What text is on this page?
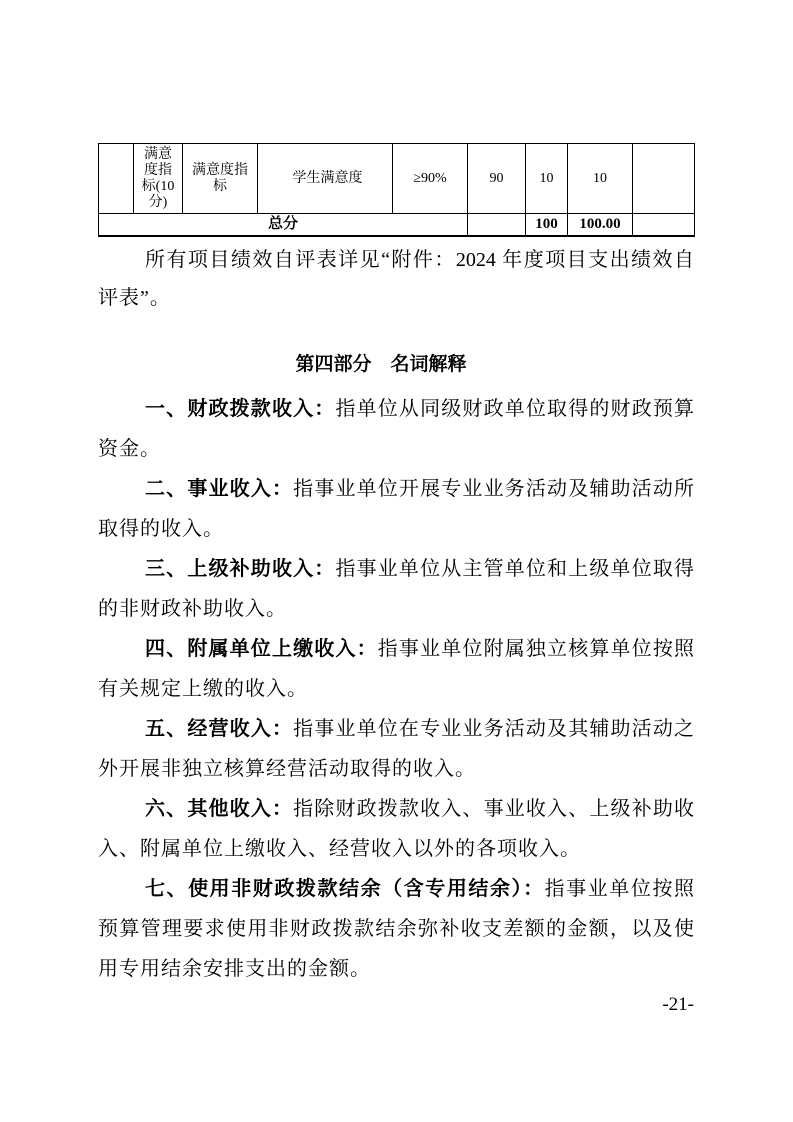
	满意度指标(10分)	满意度指标	学生满意度	≥90%	90	10	10	
总分						100	100.00	
所有项目绩效自评表详见“附件：2024 年度项目支出绩效自
评表”。
第四部分　名词解释
一、财政拨款收入：指单位从同级财政单位取得的财政预算
资金。
二、事业收入：指事业单位开展专业业务活动及辅助活动所
取得的收入。
三、上级补助收入：指事业单位从主管单位和上级单位取得
的非财政补助收入。
四、附属单位上缴收入：指事业单位附属独立核算单位按照
有关规定上缴的收入。
五、经营收入：指事业单位在专业业务活动及其辅助活动之
外开展非独立核算经营活动取得的收入。
六、其他收入：指除财政拨款收入、事业收入、上级补助收
入、附属单位上缴收入、经营收入以外的各项收入。
七、使用非财政拨款结余（含专用结余）：指事业单位按照
预算管理要求使用非财政拨款结余弥补收支差额的金额，以及使
用专用结余安排支出的金额。
-21-
